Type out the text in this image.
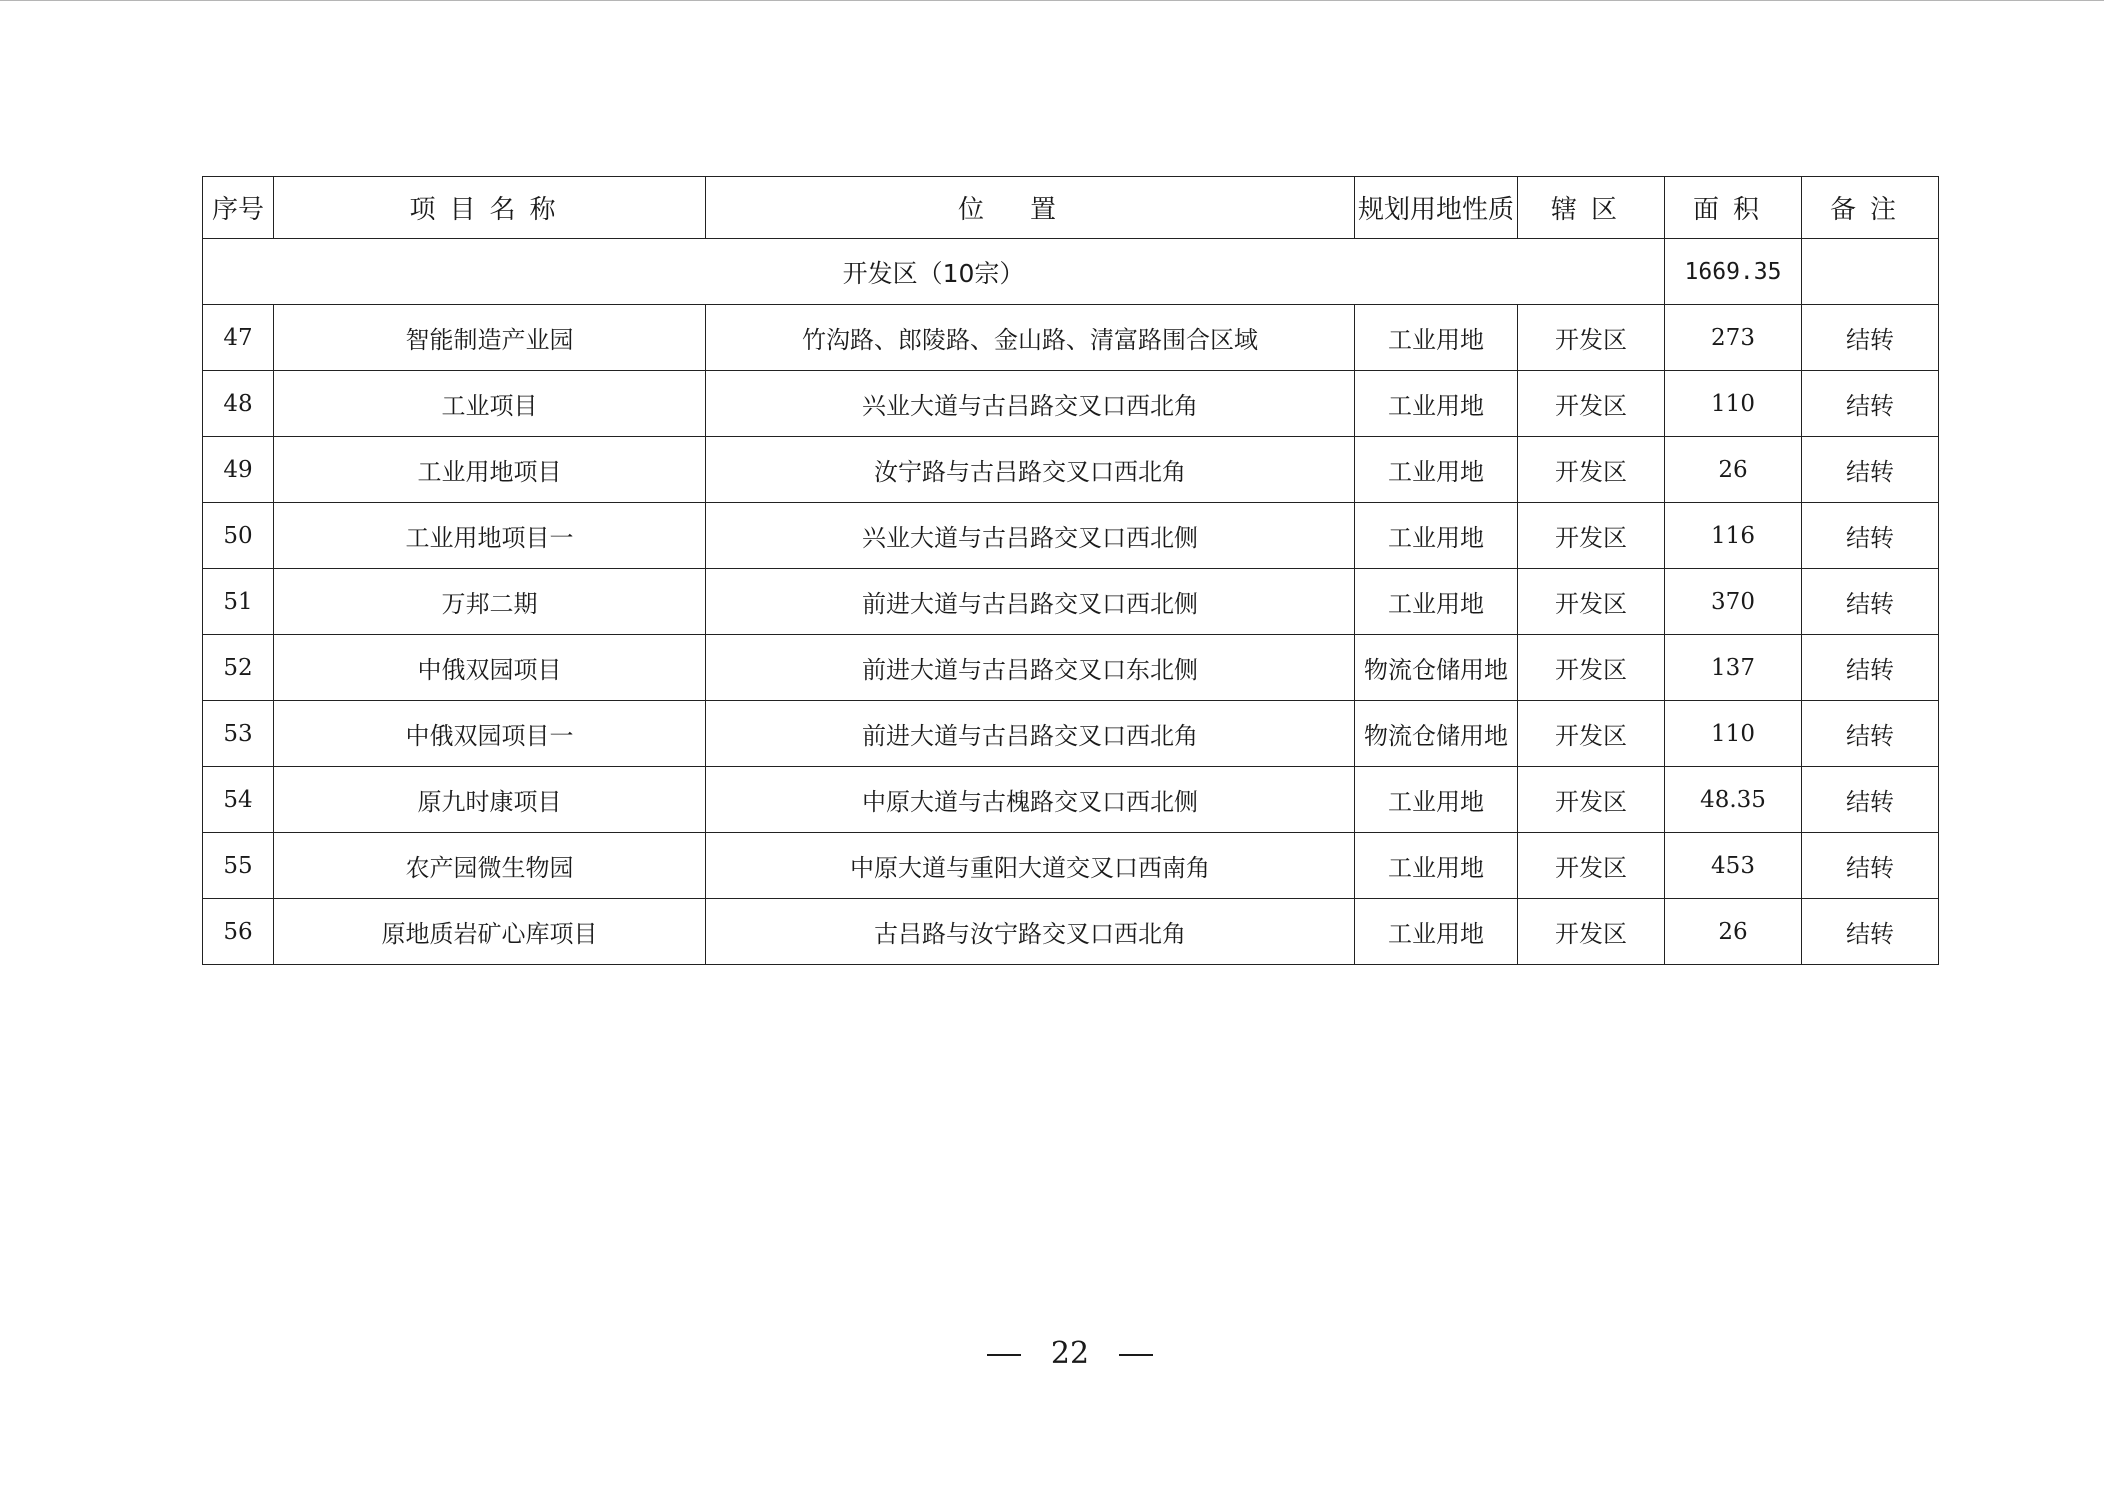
序号	项目名称	位置	规划用地性质	辖区	面积	备注
开发区（10宗）					1669.35	
47	智能制造产业园	竹沟路、郎陵路、金山路、清富路围合区域	工业用地	开发区	273	结转
48	工业项目	兴业大道与古吕路交叉口西北角	工业用地	开发区	110	结转
49	工业用地项目	汝宁路与古吕路交叉口西北角	工业用地	开发区	26	结转
50	工业用地项目一	兴业大道与古吕路交叉口西北侧	工业用地	开发区	116	结转
51	万邦二期	前进大道与古吕路交叉口西北侧	工业用地	开发区	370	结转
52	中俄双园项目	前进大道与古吕路交叉口东北侧	物流仓储用地	开发区	137	结转
53	中俄双园项目一	前进大道与古吕路交叉口西北角	物流仓储用地	开发区	110	结转
54	原九时康项目	中原大道与古槐路交叉口西北侧	工业用地	开发区	48.35	结转
55	农产园微生物园	中原大道与重阳大道交叉口西南角	工业用地	开发区	453	结转
56	原地质岩矿心库项目	古吕路与汝宁路交叉口西北角	工业用地	开发区	26	结转
22
